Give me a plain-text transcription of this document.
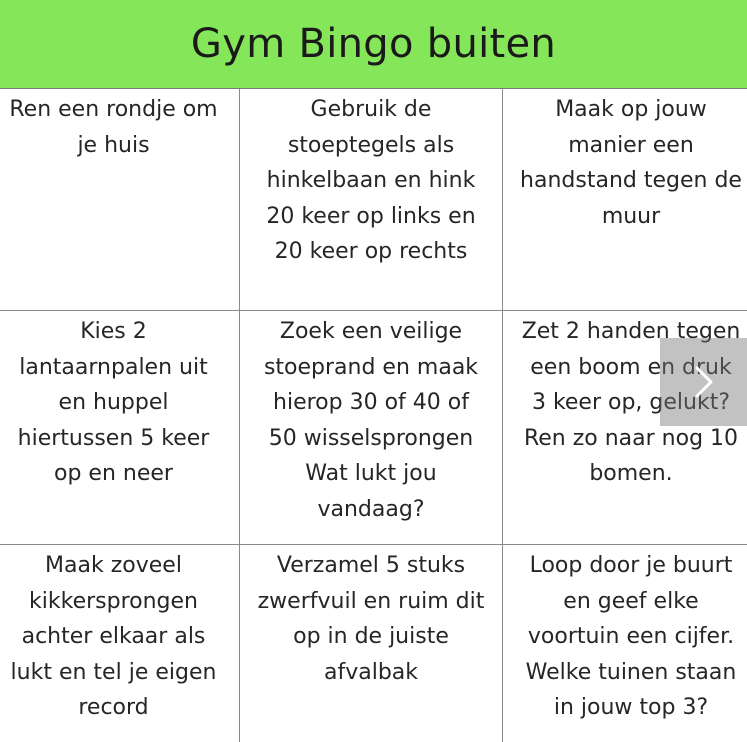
Gym Bingo buiten
Ren een rondje om
je huis
Gebruik de
stoeptegels als
hinkelbaan en hink
20 keer op links en
20 keer op rechts
Maak op jouw
manier een
handstand tegen de
muur
Kies 2
lantaarnpalen uit
en huppel
hiertussen 5 keer
op en neer
Zoek een veilige
stoeprand en maak
hierop 30 of 40 of
50 wisselsprongen
Wat lukt jou
vandaag?
Zet 2 handen tegen
een boom en druk
3 keer op, gelukt?
Ren zo naar nog 10
bomen.
Maak zoveel
kikkersprongen
achter elkaar als
lukt en tel je eigen
record
Verzamel 5 stuks
zwerfvuil en ruim dit
op in de juiste
afvalbak
Loop door je buurt
en geef elke
voortuin een cijfer.
Welke tuinen staan
in jouw top 3?
